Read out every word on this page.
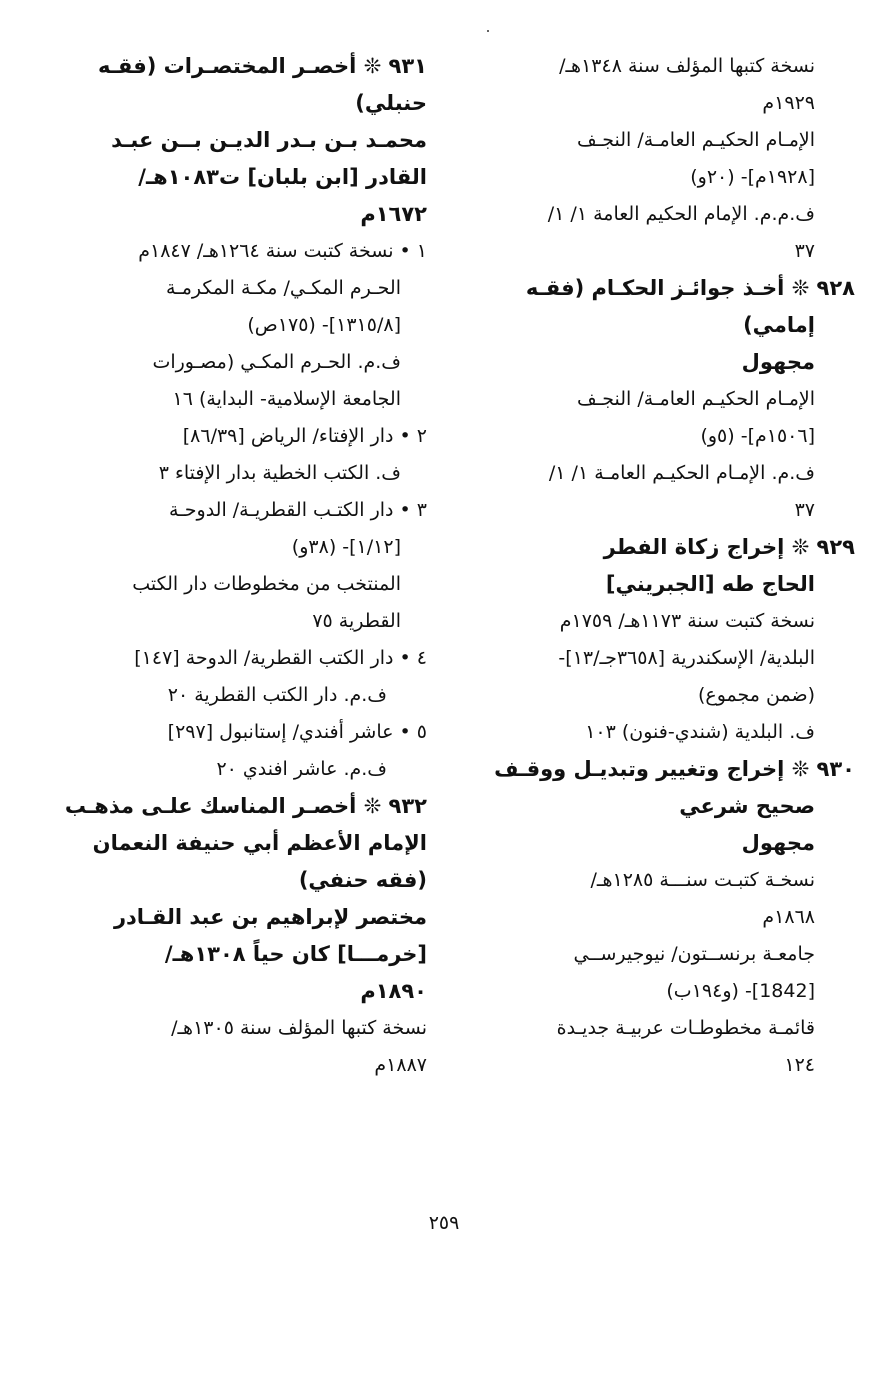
نسخة كتبها المؤلف سنة ١٣٤٨هـ/
١٩٢٩م
الإمـام الحكيـم العامـة/ النجـف
[١٩٢٨م]- (٢٠و)
ف.م.م. الإمام الحكيم العامة ١/ ١/
٣٧
٩٢٨ ❊ أخـذ جوائـز الحكـام (فقـه
إمامي)
مجهول
الإمـام الحكيـم العامـة/ النجـف
[١٥٠٦م]- (٥و)
ف.م. الإمـام الحكيـم العامـة ١/ ١/
٣٧
٩٢٩ ❊ إخراج زكاة الفطر
الحاج طه [الجبريني]
نسخة كتبت سنة ١١٧٣هـ/ ١٧٥٩م
البلدية/ الإسكندرية [٣٦٥٨جـ/١٣]-
(ضمن مجموع)
ف. البلدية (شندي-فنون) ١٠٣
٩٣٠ ❊ إخراج وتغيير وتبديـل ووقـف
صحيح شرعي
مجهول
نسخـة كتبـت سنـــة ١٢٨٥هـ/
١٨٦٨م
جامعـة برنســتون/ نيوجيرســي
[1842]- (و١٩٤ب)
قائمـة مخطوطـات عربيـة جديـدة
١٢٤
٩٣١ ❊ أخصـر المختصـرات (فقـه
حنبلي)
محمـد بـن بـدر الديـن بــن عبـد
القادر [ابن بلبان] ت١٠٨٣هـ/
١٦٧٢م
١ • نسخة كتبت سنة ١٢٦٤هـ/ ١٨٤٧م
الحـرم المكـي/ مكـة المكرمـة
[١٣١٥/٨]- (١٧٥ص)
ف.م. الحـرم المكـي (مصـورات
الجامعة الإسلامية- البداية) ١٦
٢ • دار الإفتاء/ الرياض [٨٦/٣٩]
ف. الكتب الخطية بدار الإفتاء ٣
٣ • دار الكتـب القطريـة/ الدوحـة
[١/١٢]- (٣٨و)
المنتخب من مخطوطات دار الكتب
القطرية ٧٥
٤ • دار الكتب القطرية/ الدوحة [١٤٧]
ف.م. دار الكتب القطرية ٢٠
٥ • عاشر أفندي/ إستانبول [٢٩٧]
ف.م. عاشر افندي ٢٠
٩٣٢ ❊ أخصـر المناسك علـى مذهـب
الإمام الأعظم أبي حنيفة النعمان
(فقه حنفي)
مختصر لإبراهيم بن عبد القـادر
[خرمـــا] كان حياً ١٣٠٨هـ/
١٨٩٠م
نسخة كتبها المؤلف سنة ١٣٠٥هـ/
١٨٨٧م
٢٥٩
